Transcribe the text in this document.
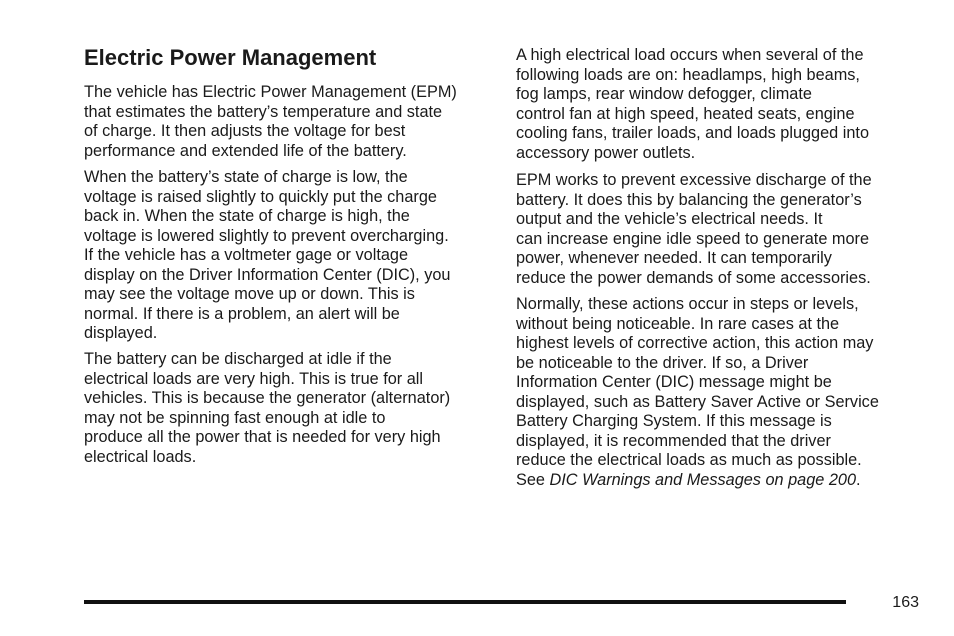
Electric Power Management

The vehicle has Electric Power Management (EPM)
that estimates the battery’s temperature and state
of charge. It then adjusts the voltage for best
performance and extended life of the battery.

When the battery’s state of charge is low, the
voltage is raised slightly to quickly put the charge
back in. When the state of charge is high, the
voltage is lowered slightly to prevent overcharging.
If the vehicle has a voltmeter gage or voltage
display on the Driver Information Center (DIC), you
may see the voltage move up or down. This is
normal. If there is a problem, an alert will be
displayed.

The battery can be discharged at idle if the
electrical loads are very high. This is true for all
vehicles. This is because the generator (alternator)
may not be spinning fast enough at idle to
produce all the power that is needed for very high
electrical loads.

A high electrical load occurs when several of the
following loads are on: headlamps, high beams,
fog lamps, rear window defogger, climate
control fan at high speed, heated seats, engine
cooling fans, trailer loads, and loads plugged into
accessory power outlets.

EPM works to prevent excessive discharge of the
battery. It does this by balancing the generator’s
output and the vehicle’s electrical needs. It
can increase engine idle speed to generate more
power, whenever needed. It can temporarily
reduce the power demands of some accessories.

Normally, these actions occur in steps or levels,
without being noticeable. In rare cases at the
highest levels of corrective action, this action may
be noticeable to the driver. If so, a Driver
Information Center (DIC) message might be
displayed, such as Battery Saver Active or Service
Battery Charging System. If this message is
displayed, it is recommended that the driver
reduce the electrical loads as much as possible.
See DIC Warnings and Messages on page 200.

163
